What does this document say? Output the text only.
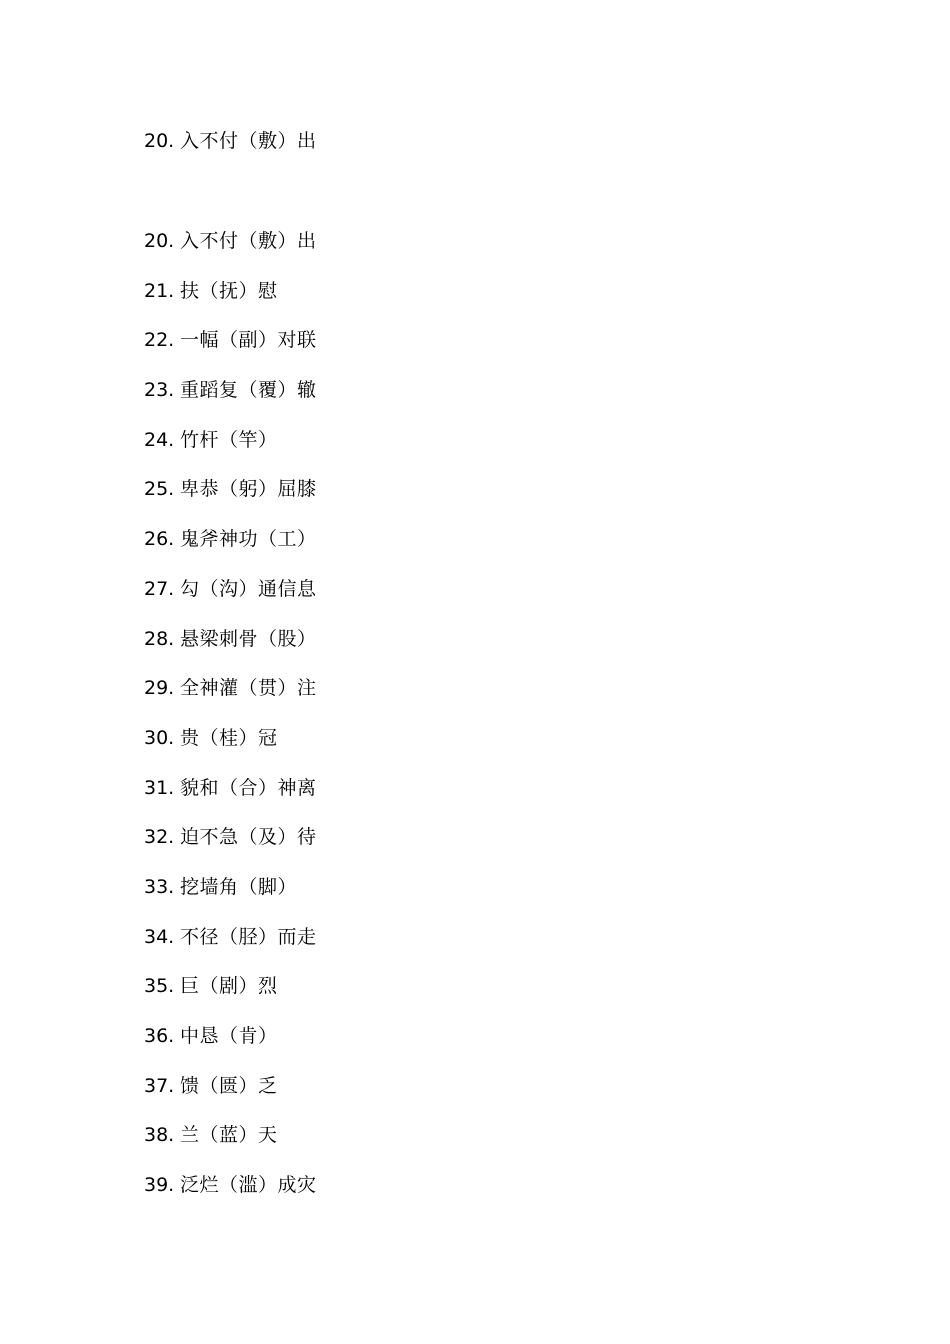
20. 入不付（敷）出
20. 入不付（敷）出
21. 扶（抚）慰
22. 一幅（副）对联
23. 重蹈复（覆）辙
24. 竹杆（竿）
25. 卑恭（躬）屈膝
26. 鬼斧神功（工）
27. 勾（沟）通信息
28. 悬梁刺骨（股）
29. 全神灌（贯）注
30. 贵（桂）冠
31. 貌和（合）神离
32. 迫不急（及）待
33. 挖墙角（脚）
34. 不径（胫）而走
35. 巨（剧）烈
36. 中恳（肯）
37. 馈（匮）乏
38. 兰（蓝）天
39. 泛烂（滥）成灾
